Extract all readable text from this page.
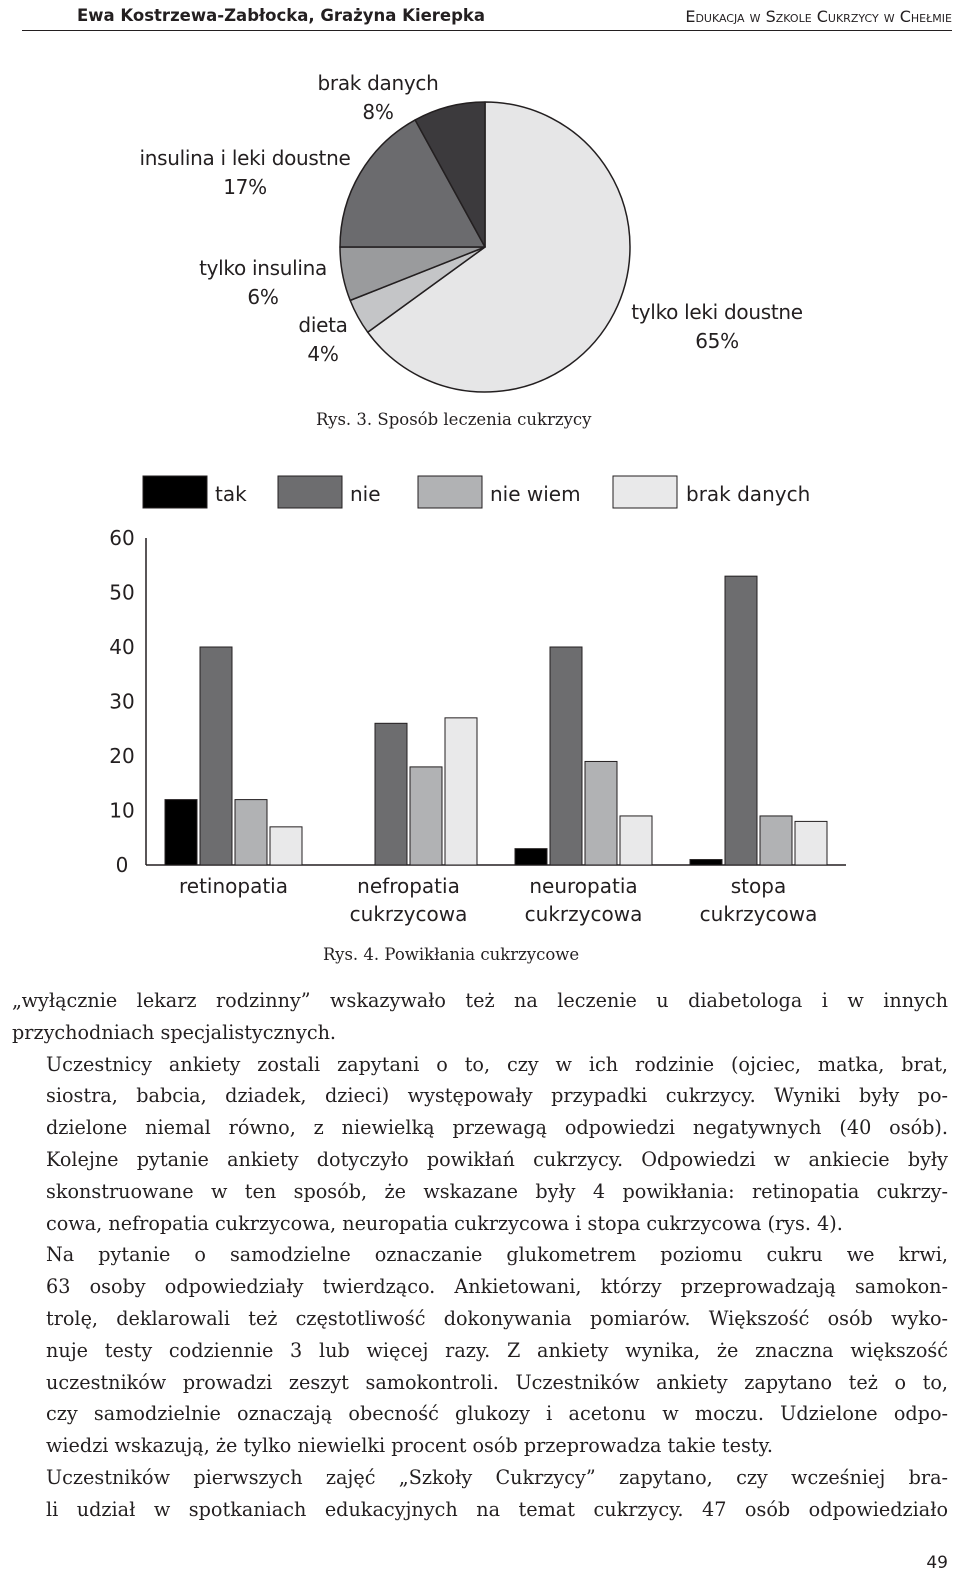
Ewa Kostrzewa-Zabłocka, Grażyna Kierepka	Edukacja w Szkole Cukrzycy w Chełmie
tylko leki doustne
65%
dieta
4%
tylko insulina
6%
insulina i leki doustne
17%
brak danych
8%
Rys. 3. Sposób leczenia cukrzycy
tak	nie	nie wiem	brak danych
0
10
20
30
40
50
60
retinopatia	nefropatia
cukrzycowa
neuropatia
cukrzycowa
stopa
cukrzycowa
Rys. 4. Powikłania cukrzycowe

„wyłącznie lekarz rodzinny” wskazywało też na leczenie u diabetologa i w innych
przychodniach specjalistycznych.

Uczestnicy ankiety zostali zapytani o to, czy w ich rodzinie (ojciec, matka, brat,
siostra, babcia, dziadek, dzieci) występowały przypadki cukrzycy. Wyniki były po-
dzielone niemal równo, z niewielką przewagą odpowiedzi negatywnych (40 osób).
Kolejne pytanie ankiety dotyczyło powikłań cukrzycy. Odpowiedzi w ankiecie były
skonstruowane w ten sposób, że wskazane były 4 powikłania: retinopatia cukrzy-
cowa, nefropatia cukrzycowa, neuropatia cukrzycowa i stopa cukrzycowa (rys. 4).

Na pytanie o samodzielne oznaczanie glukometrem poziomu cukru we krwi,
63 osoby odpowiedziały twierdząco. Ankietowani, którzy przeprowadzają samokon-
trolę, deklarowali też częstotliwość dokonywania pomiarów. Większość osób wyko-
nuje testy codziennie 3 lub więcej razy. Z ankiety wynika, że znaczna większość
uczestników prowadzi zeszyt samokontroli. Uczestników ankiety zapytano też o to,
czy samodzielnie oznaczają obecność glukozy i acetonu w moczu. Udzielone odpo-
wiedzi wskazują, że tylko niewielki procent osób przeprowadza takie testy.

Uczestników pierwszych zajęć „Szkoły Cukrzycy” zapytano, czy wcześniej bra-
li udział w spotkaniach edukacyjnych na temat cukrzycy. 47 osób odpowiedziało

49
